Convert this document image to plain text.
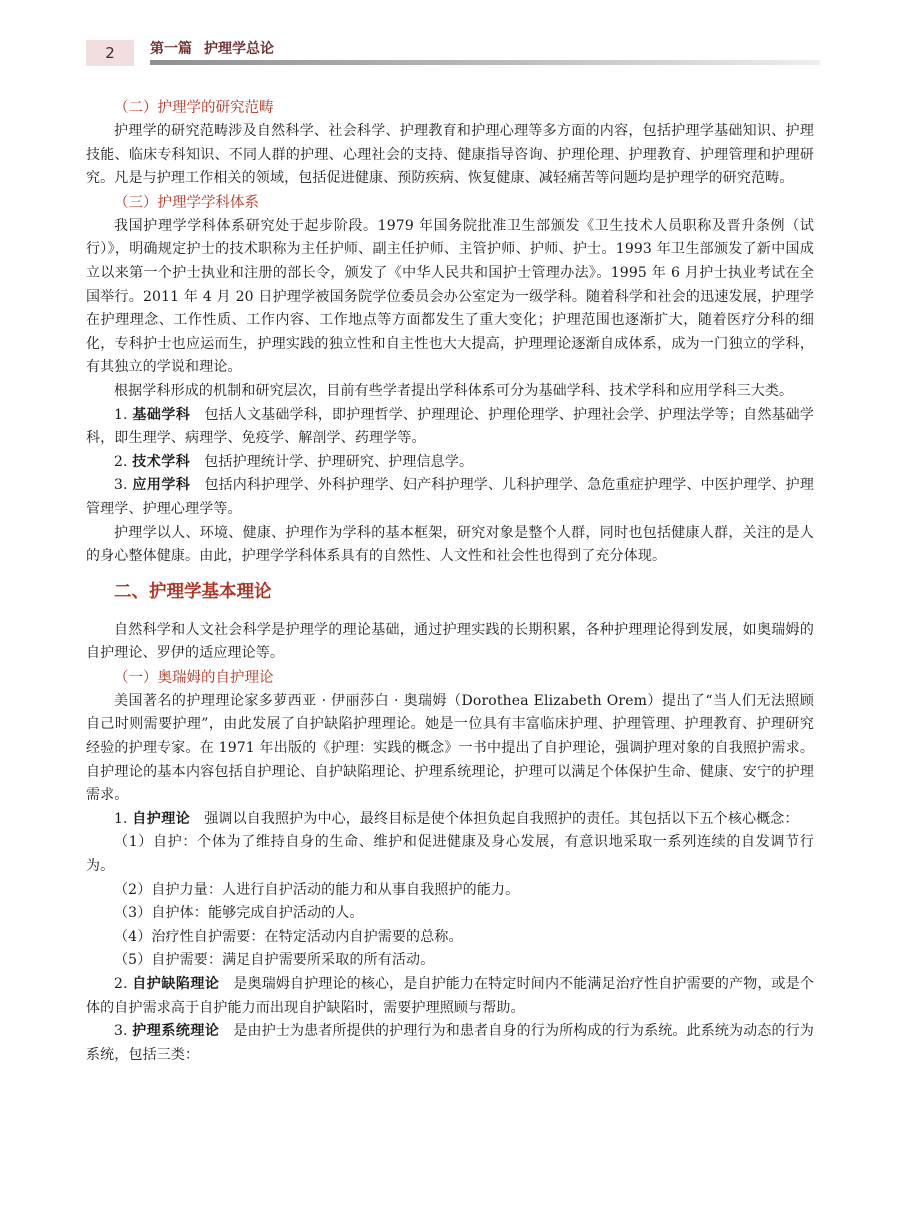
2	第一篇 护理学总论
（二）护理学的研究范畴

护理学的研究范畴涉及自然科学、社会科学、护理教育和护理心理等多方面的内容，包括护理学基础知识、护理技能、临床专科知识、不同人群的护理、心理社会的支持、健康指导咨询、护理伦理、护理教育、护理管理和护理研究。凡是与护理工作相关的领域，包括促进健康、预防疾病、恢复健康、减轻痛苦等问题均是护理学的研究范畴。

（三）护理学学科体系

我国护理学学科体系研究处于起步阶段。1979 年国务院批准卫生部颁发《卫生技术人员职称及晋升条例（试行）》，明确规定护士的技术职称为主任护师、副主任护师、主管护师、护师、护士。1993 年卫生部颁发了新中国成立以来第一个护士执业和注册的部长令，颁发了《中华人民共和国护士管理办法》。1995 年 6 月护士执业考试在全国举行。2011 年 4 月 20 日护理学被国务院学位委员会办公室定为一级学科。随着科学和社会的迅速发展，护理学在护理理念、工作性质、工作内容、工作地点等方面都发生了重大变化；护理范围也逐渐扩大，随着医疗分科的细化，专科护士也应运而生，护理实践的独立性和自主性也大大提高，护理理论逐渐自成体系，成为一门独立的学科，有其独立的学说和理论。

根据学科形成的机制和研究层次，目前有些学者提出学科体系可分为基础学科、技术学科和应用学科三大类。

1. 基础学科 包括人文基础学科，即护理哲学、护理理论、护理伦理学、护理社会学、护理法学等；自然基础学科，即生理学、病理学、免疫学、解剖学、药理学等。

2. 技术学科 包括护理统计学、护理研究、护理信息学。

3. 应用学科 包括内科护理学、外科护理学、妇产科护理学、儿科护理学、急危重症护理学、中医护理学、护理管理学、护理心理学等。

护理学以人、环境、健康、护理作为学科的基本框架，研究对象是整个人群，同时也包括健康人群，关注的是人的身心整体健康。由此，护理学学科体系具有的自然性、人文性和社会性也得到了充分体现。

二、护理学基本理论

自然科学和人文社会科学是护理学的理论基础，通过护理实践的长期积累，各种护理理论得到发展，如奥瑞姆的自护理论、罗伊的适应理论等。

（一）奥瑞姆的自护理论

美国著名的护理理论家多萝西亚 · 伊丽莎白 · 奥瑞姆（Dorothea Elizabeth Orem）提出了“当人们无法照顾自己时则需要护理”，由此发展了自护缺陷护理理论。她是一位具有丰富临床护理、护理管理、护理教育、护理研究经验的护理专家。在 1971 年出版的《护理：实践的概念》一书中提出了自护理论，强调护理对象的自我照护需求。自护理论的基本内容包括自护理论、自护缺陷理论、护理系统理论，护理可以满足个体保护生命、健康、安宁的护理需求。

1. 自护理论 强调以自我照护为中心，最终目标是使个体担负起自我照护的责任。其包括以下五个核心概念：

（1）自护：个体为了维持自身的生命、维护和促进健康及身心发展，有意识地采取一系列连续的自发调节行为。

（2）自护力量：人进行自护活动的能力和从事自我照护的能力。

（3）自护体：能够完成自护活动的人。

（4）治疗性自护需要：在特定活动内自护需要的总称。

（5）自护需要：满足自护需要所采取的所有活动。

2. 自护缺陷理论 是奥瑞姆自护理论的核心，是自护能力在特定时间内不能满足治疗性自护需要的产物，或是个体的自护需求高于自护能力而出现自护缺陷时，需要护理照顾与帮助。

3. 护理系统理论 是由护士为患者所提供的护理行为和患者自身的行为所构成的行为系统。此系统为动态的行为系统，包括三类：
